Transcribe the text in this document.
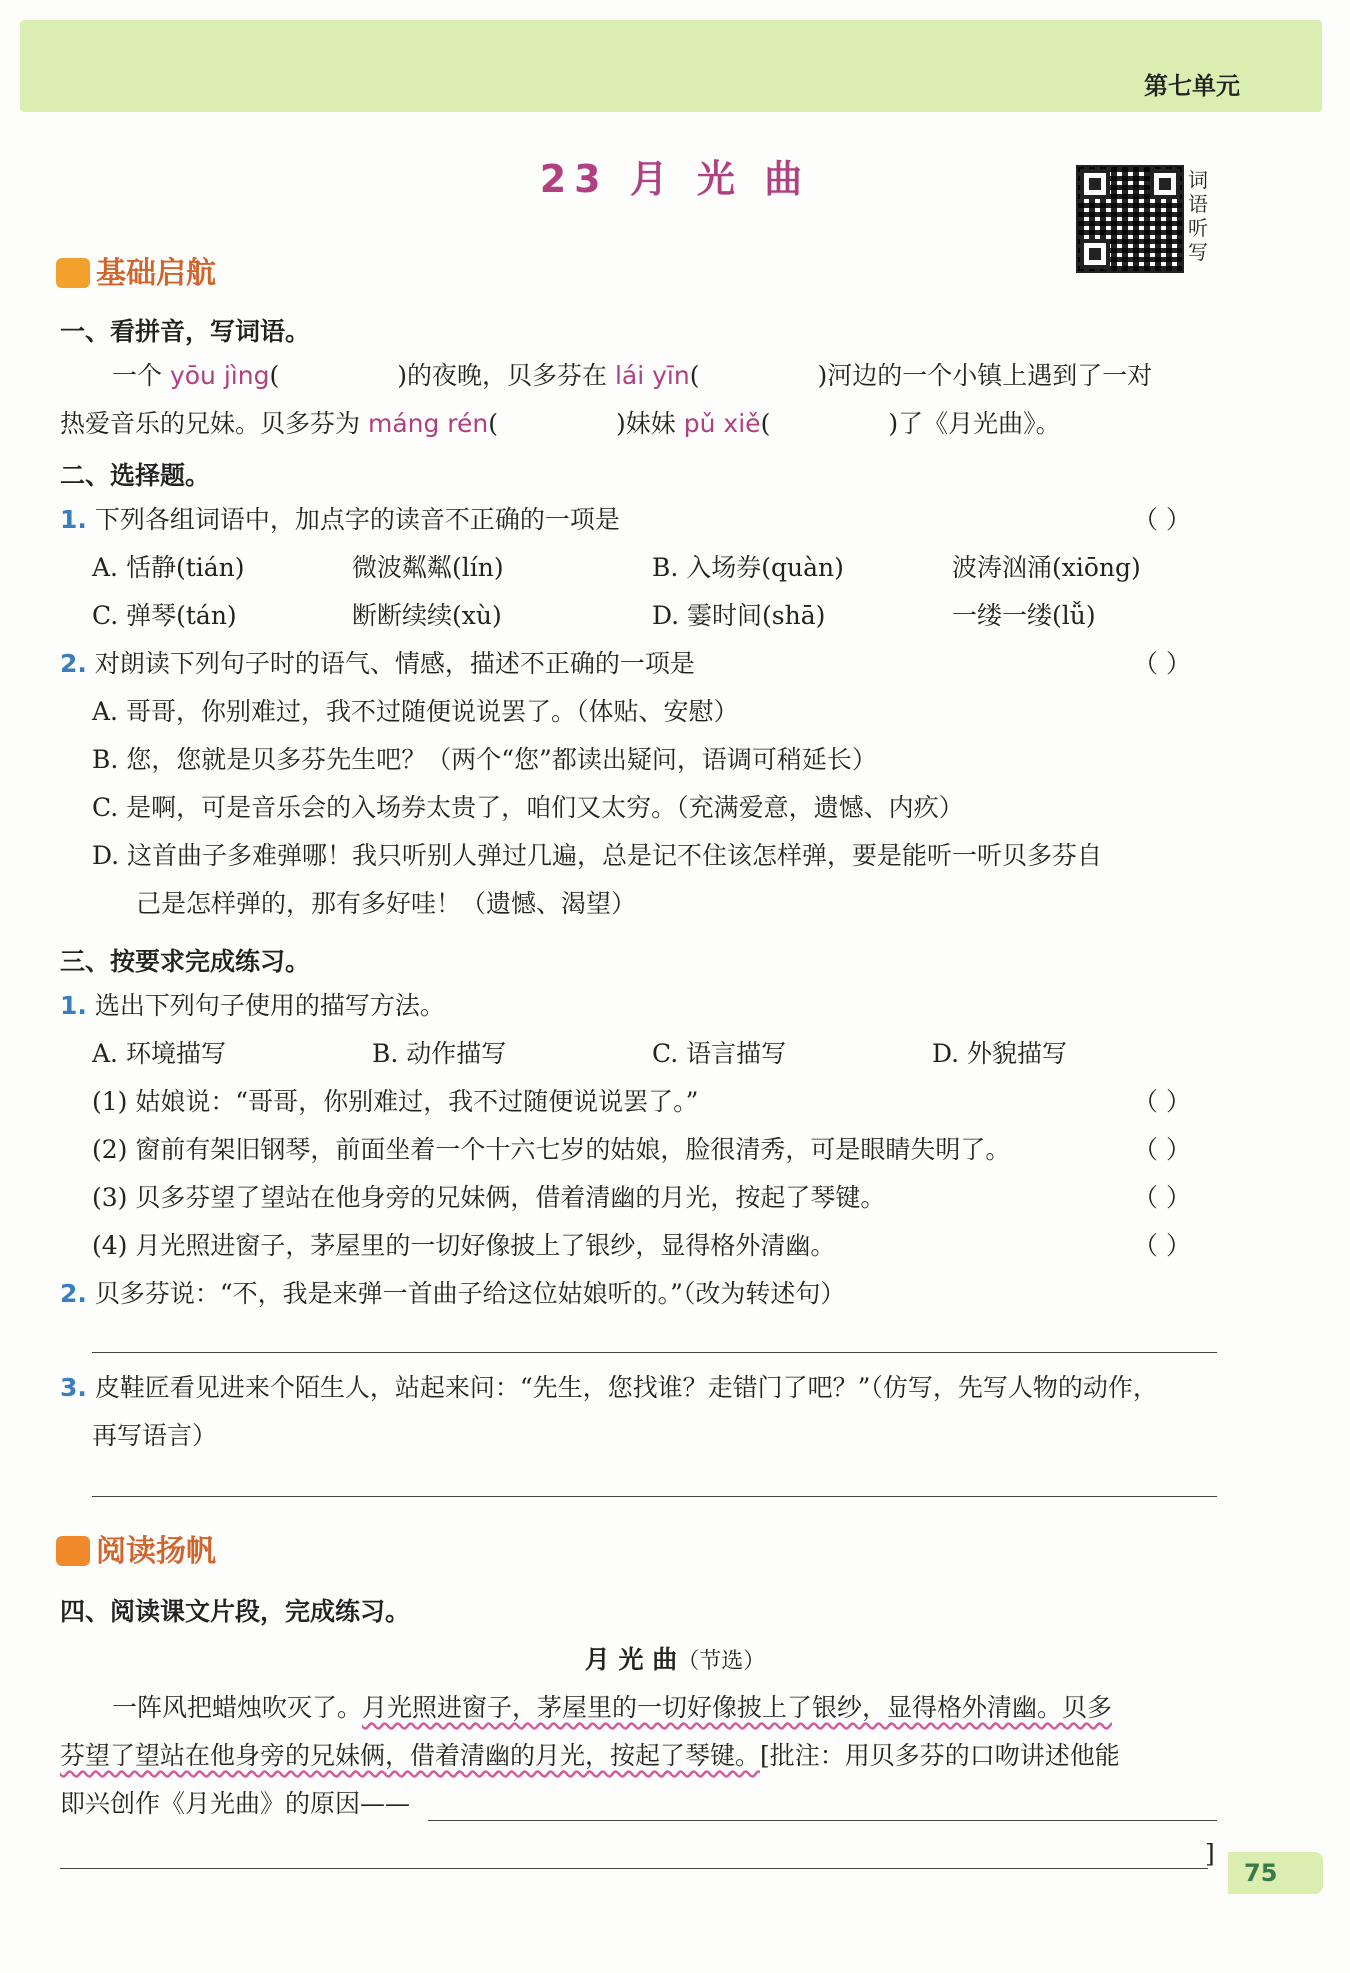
第七单元
23 月 光 曲	词语听写
基础启航
一、看拼音，写词语。
一个 yōu jìng(	)的夜晚，贝多芬在 lái yīn(	)河边的一个小镇上遇到了一对
热爱音乐的兄妹。贝多芬为 máng rén(	)妹妹 pǔ xiě(	)了《月光曲》。
二、选择题。
1. 下列各组词语中，加点字的读音不正确的一项是	（ ）
A. 恬静(tián)	微波粼粼(lín)	B. 入场券(quàn)	波涛汹涌(xiōng)
C. 弹琴(tán)	断断续续(xù)	D. 霎时间(shā)	一缕一缕(lǚ)
2. 对朗读下列句子时的语气、情感，描述不正确的一项是	（ ）
A. 哥哥，你别难过，我不过随便说说罢了。（体贴、安慰）
B. 您，您就是贝多芬先生吧？（两个“您”都读出疑问，语调可稍延长）
C. 是啊，可是音乐会的入场券太贵了，咱们又太穷。（充满爱意，遗憾、内疚）
D. 这首曲子多难弹哪！我只听别人弹过几遍，总是记不住该怎样弹，要是能听一听贝多芬自
己是怎样弹的，那有多好哇！（遗憾、渴望）
三、按要求完成练习。
1. 选出下列句子使用的描写方法。
A. 环境描写	B. 动作描写	C. 语言描写	D. 外貌描写
(1) 姑娘说：“哥哥，你别难过，我不过随便说说罢了。”	（ ）
(2) 窗前有架旧钢琴，前面坐着一个十六七岁的姑娘，脸很清秀，可是眼睛失明了。	（ ）
(3) 贝多芬望了望站在他身旁的兄妹俩，借着清幽的月光，按起了琴键。	（ ）
(4) 月光照进窗子，茅屋里的一切好像披上了银纱，显得格外清幽。	（ ）
2. 贝多芬说：“不，我是来弹一首曲子给这位姑娘听的。”（改为转述句）
3. 皮鞋匠看见进来个陌生人，站起来问：“先生，您找谁？走错门了吧？”（仿写，先写人物的动作，
再写语言）
阅读扬帆
四、阅读课文片段，完成练习。
月 光 曲（节选）
一阵风把蜡烛吹灭了。月光照进窗子，茅屋里的一切好像披上了银纱，显得格外清幽。贝多
芬望了望站在他身旁的兄妹俩，借着清幽的月光，按起了琴键。[批注：用贝多芬的口吻讲述他能
即兴创作《月光曲》的原因——
]
75
